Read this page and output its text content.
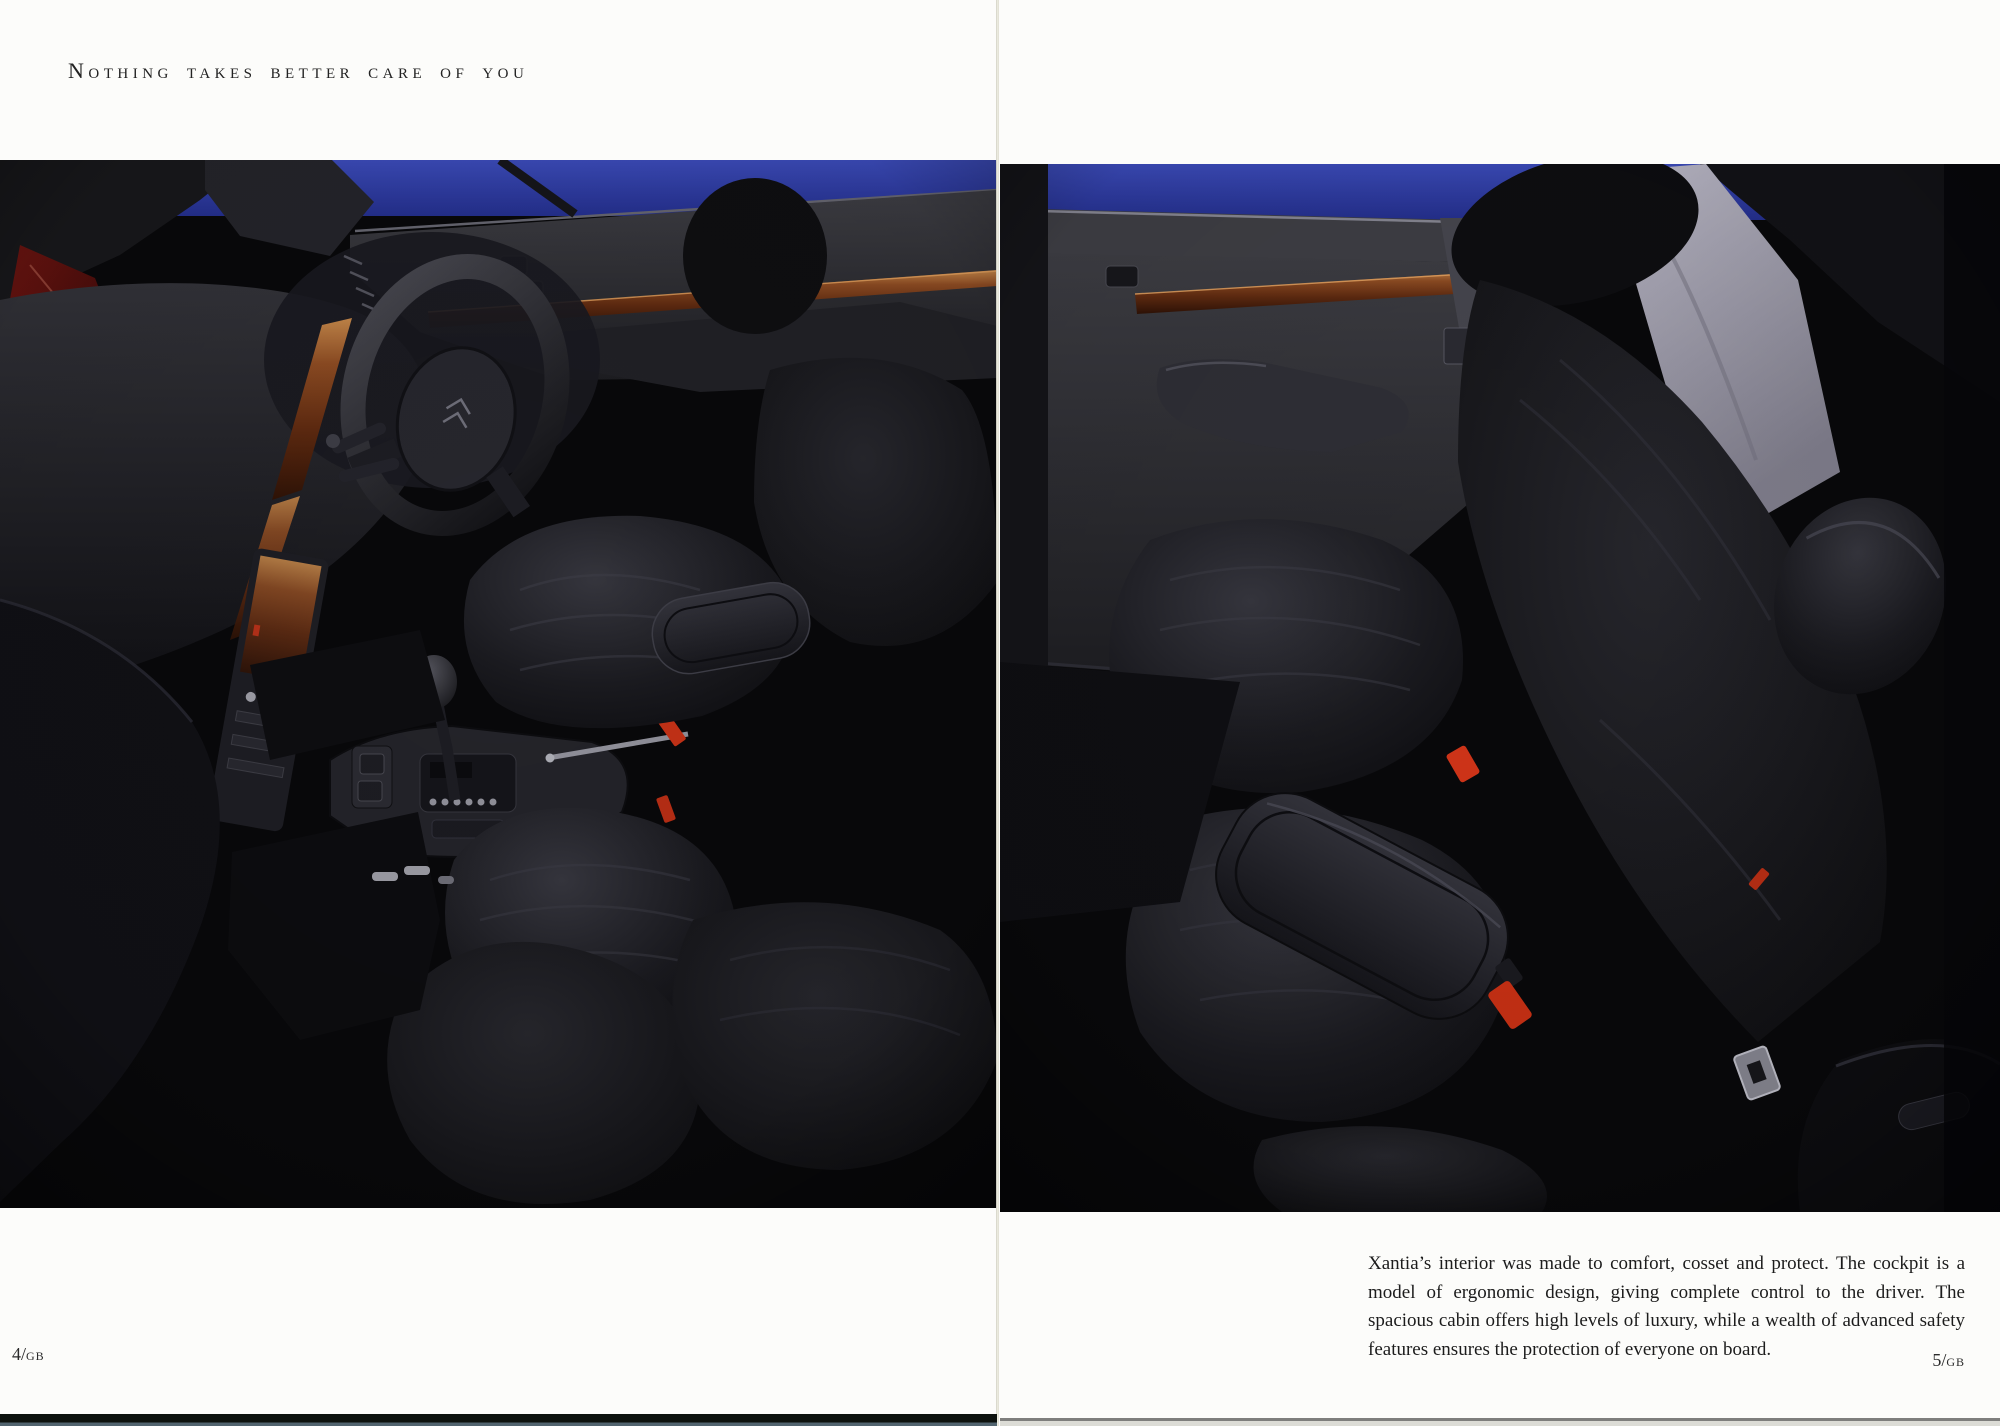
Nothing takes better care of you

Xantia’s interior was made to comfort, cosset and protect. The cockpit is a model of ergonomic design, giving complete control to the driver. The spacious cabin offers high levels of luxury, while a wealth of advanced safety features ensures the protection of everyone on board.

4/GB	5/GB
